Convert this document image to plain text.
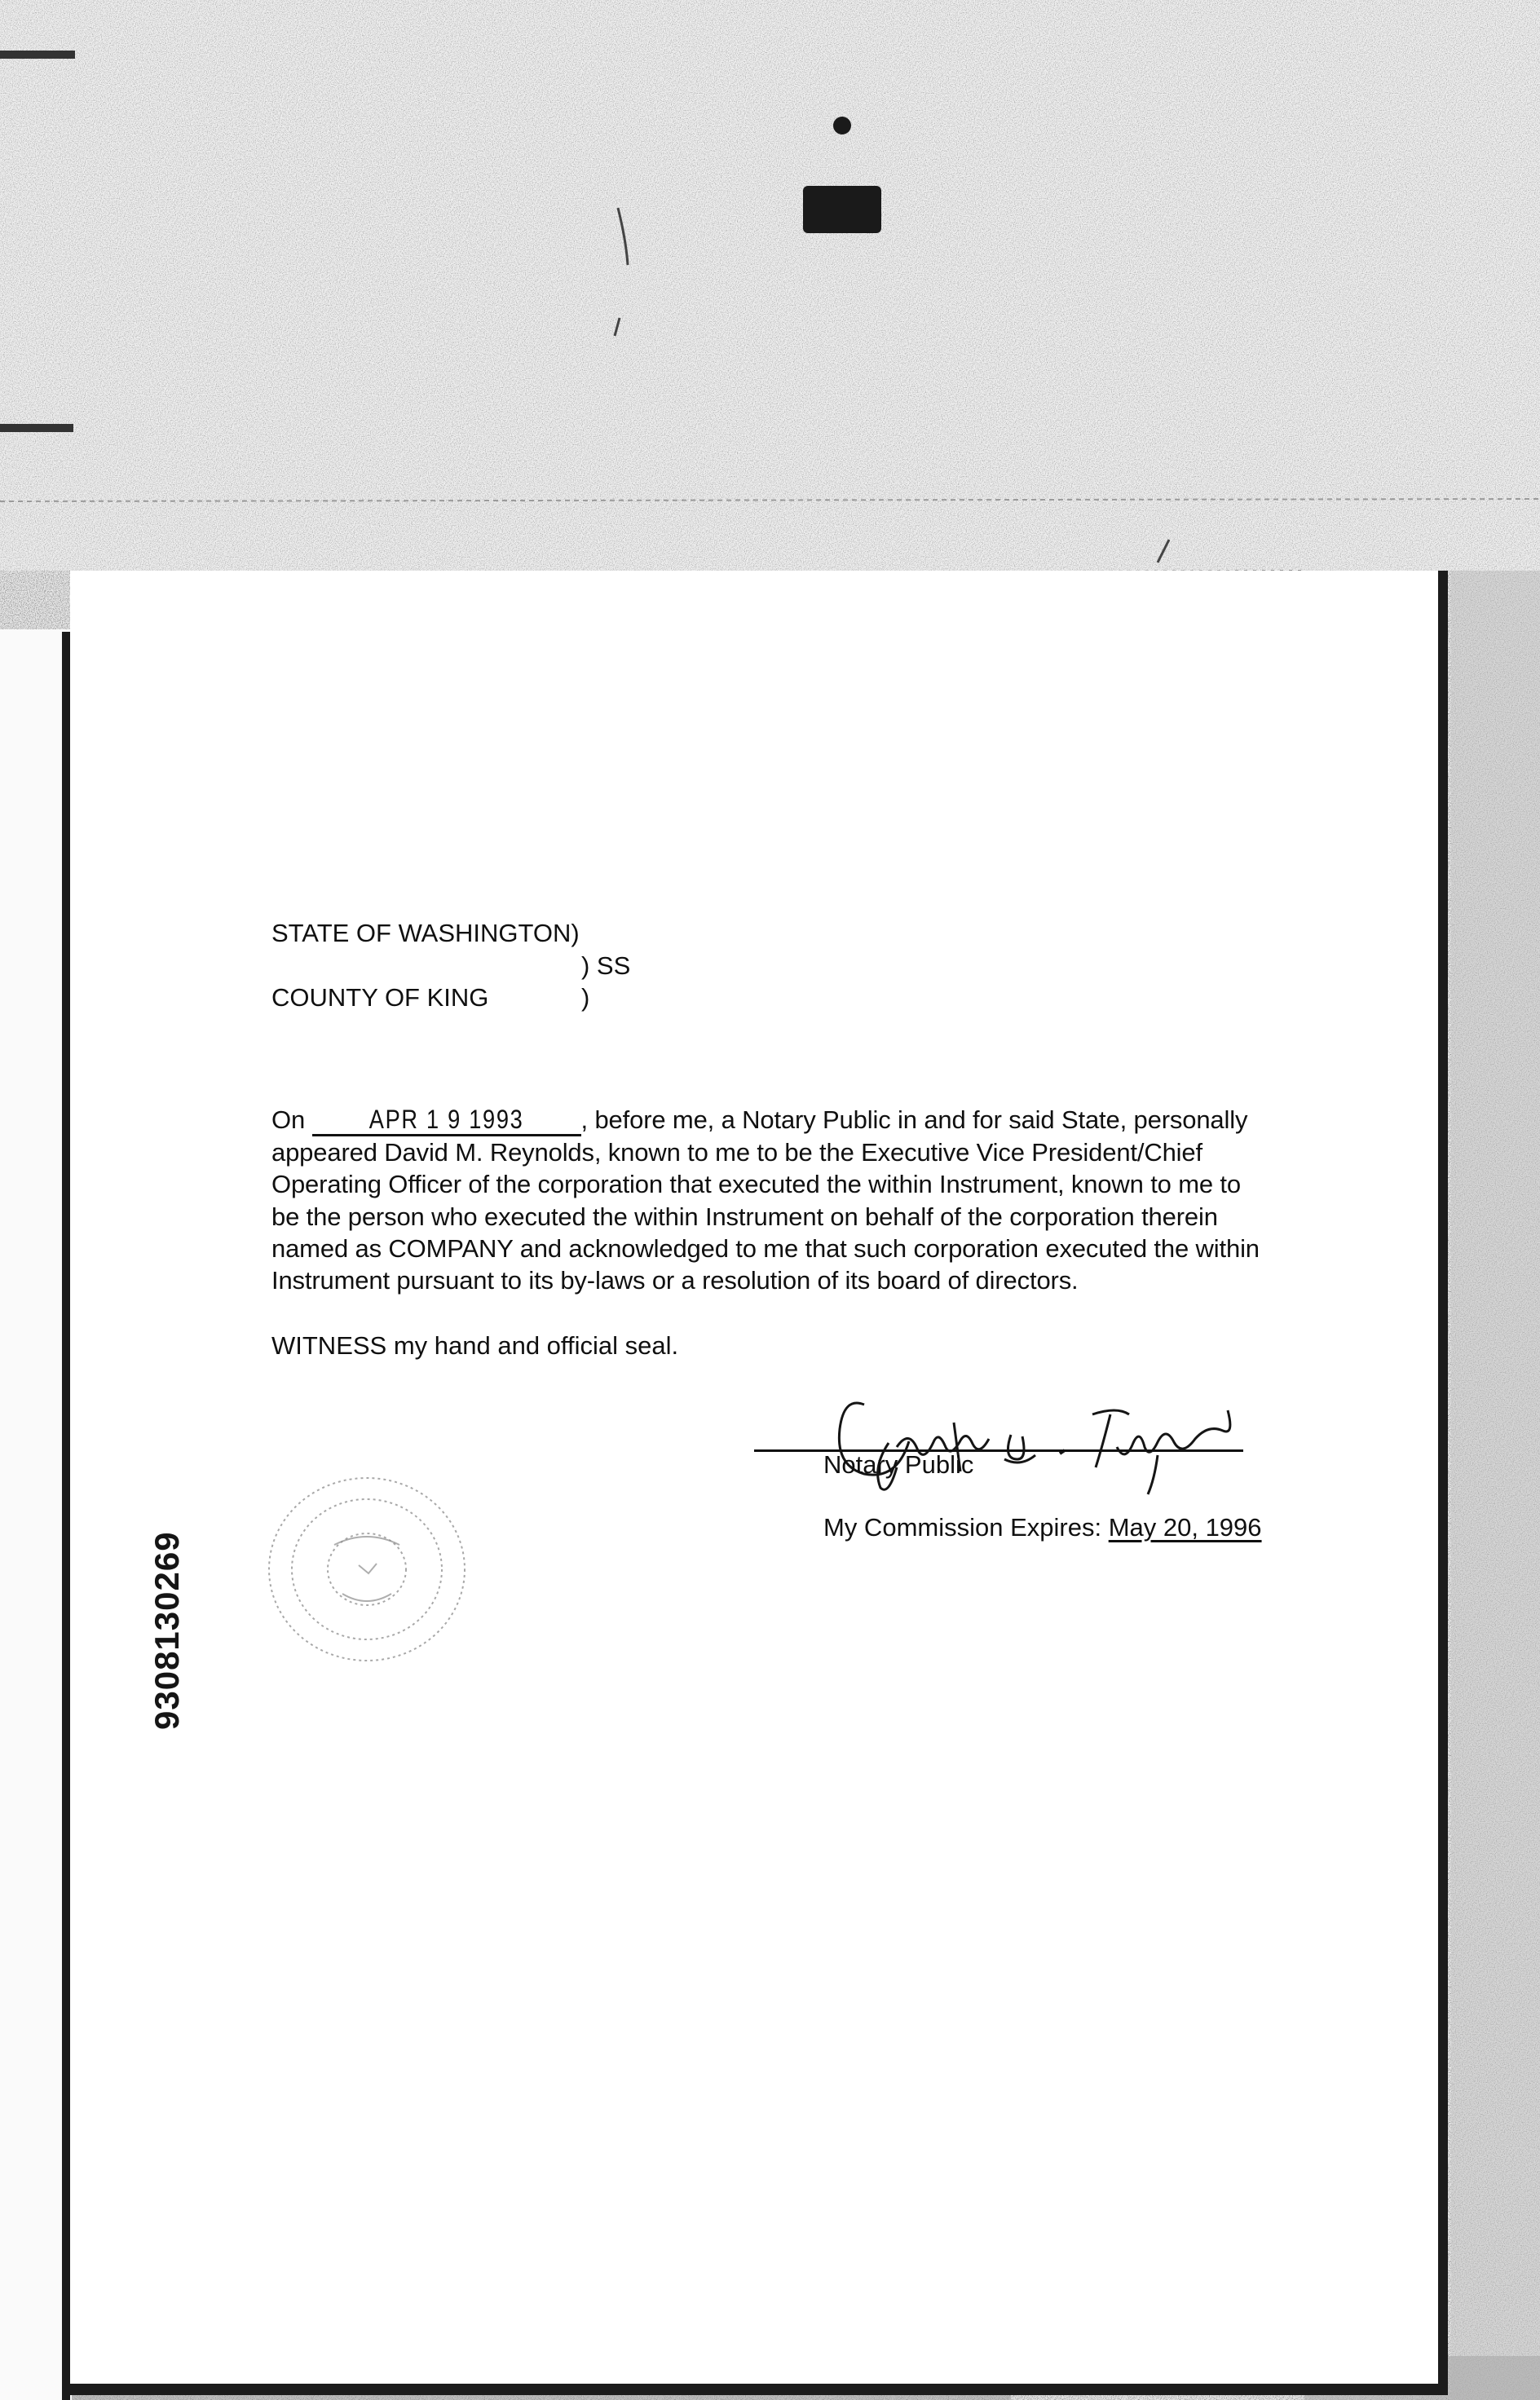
STATE OF WASHINGTON)
) SS
COUNTY OF KING	)
On APR 1 9 1993 , before me, a Notary Public in and for said State, personally
appeared David M. Reynolds, known to me to be the Executive Vice President/Chief
Operating Officer of the corporation that executed the within Instrument, known to me to
be the person who executed the within Instrument on behalf of the corporation therein
named as COMPANY and acknowledged to me that such corporation executed the within
Instrument pursuant to its by-laws or a resolution of its board of directors.
WITNESS my hand and official seal.
Notary Public
My Commission Expires: May 20, 1996
9308130269
